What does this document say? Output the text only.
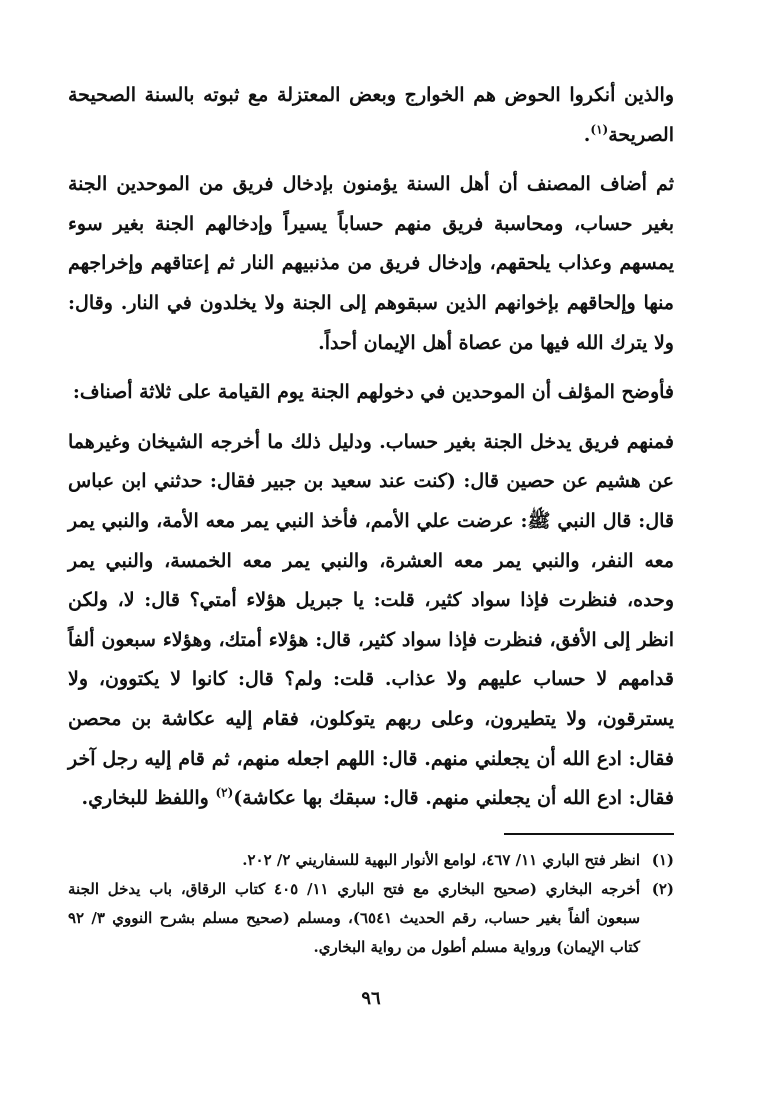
والذين أنكروا الحوض هم الخوارج وبعض المعتزلة مع ثبوته بالسنة الصحيحة الصريحة$^{(١)}$.

ثم أضاف المصنف أن أهل السنة يؤمنون بإدخال فريق من الموحدين الجنة بغير حساب، ومحاسبة فريق منهم حساباً يسيراً وإدخالهم الجنة بغير سوء يمسهم وعذاب يلحقهم، وإدخال فريق من مذنبيهم النار ثم إعتاقهم وإخراجهم منها وإلحاقهم بإخوانهم الذين سبقوهم إلى الجنة ولا يخلدون في النار. وقال: ولا يترك الله فيها من عصاة أهل الإيمان أحداً.

فأوضح المؤلف أن الموحدين في دخولهم الجنة يوم القيامة على ثلاثة أصناف:

فمنهم فريق يدخل الجنة بغير حساب. ودليل ذلك ما أخرجه الشيخان وغيرهما عن هشيم عن حصين قال: (كنت عند سعيد بن جبير فقال: حدثني ابن عباس قال: قال النبي ﷺ: عرضت علي الأمم، فأخذ النبي يمر معه الأمة، والنبي يمر معه النفر، والنبي يمر معه العشرة، والنبي يمر معه الخمسة، والنبي يمر وحده، فنظرت فإذا سواد كثير، قلت: يا جبريل هؤلاء أمتي؟ قال: لا، ولكن انظر إلى الأفق، فنظرت فإذا سواد كثير، قال: هؤلاء أمتك، وهؤلاء سبعون ألفاً قدامهم لا حساب عليهم ولا عذاب. قلت: ولم؟ قال: كانوا لا يكتوون، ولا يسترقون، ولا يتطيرون، وعلى ربهم يتوكلون، فقام إليه عكاشة بن محصن فقال: ادع الله أن يجعلني منهم. قال: اللهم اجعله منهم، ثم قام إليه رجل آخر فقال: ادع الله أن يجعلني منهم. قال: سبقك بها عكاشة)$^{(٢)}$ واللفظ للبخاري.

(١)
انظر فتح الباري ١١/ ٤٦٧، لوامع الأنوار البهية للسفاريني ٢/ ٢٠٢.
(٢)
أخرجه البخاري (صحيح البخاري مع فتح الباري ١١/ ٤٠٥ كتاب الرقاق، باب يدخل الجنة سبعون ألفاً بغير حساب، رقم الحديث ٦٥٤١)، ومسلم (صحيح مسلم بشرح النووي ٣/ ٩٢ كتاب الإيمان) ورواية مسلم أطول من رواية البخاري.
٩٦
